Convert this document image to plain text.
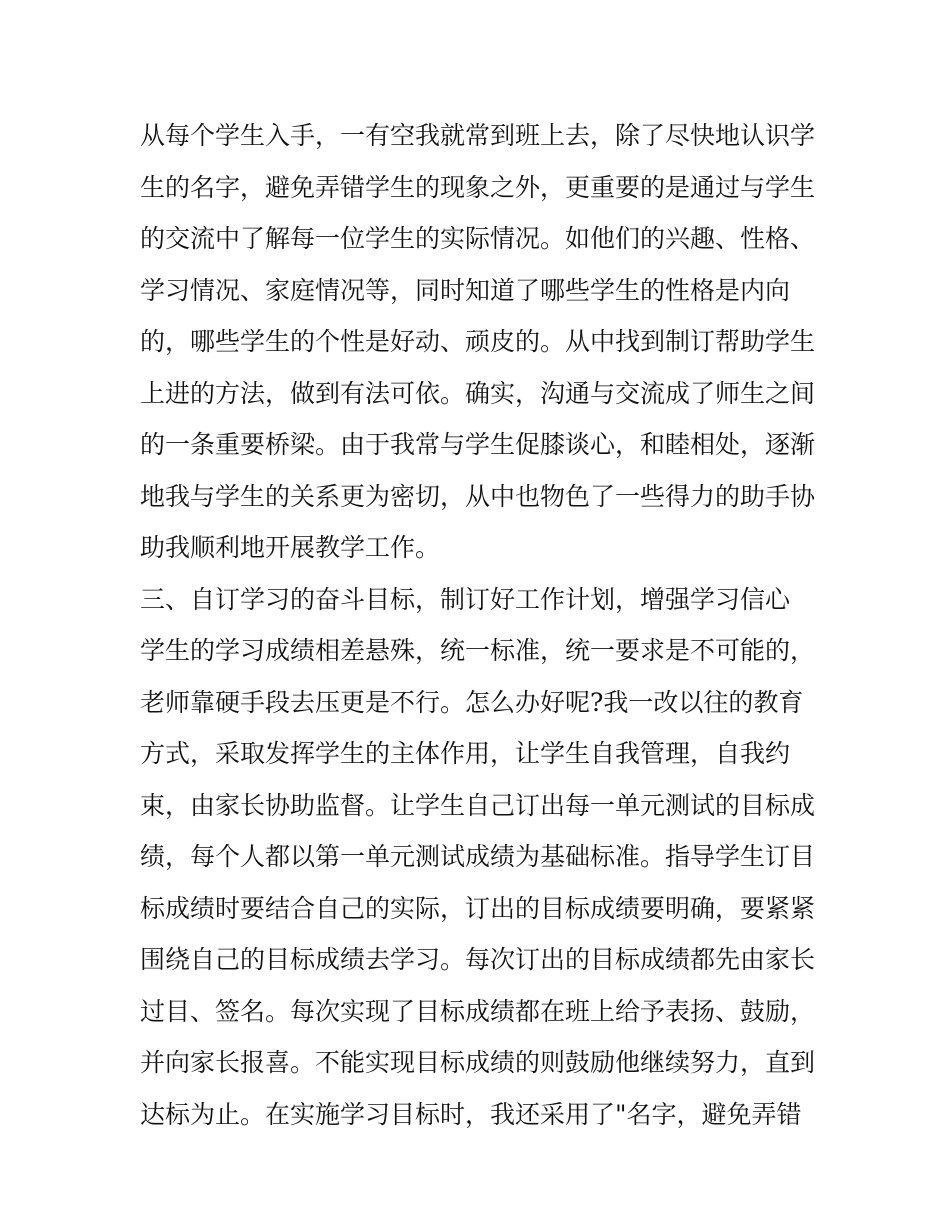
从每个学生入手，一有空我就常到班上去，除了尽快地认识学
生的名字，避免弄错学生的现象之外，更重要的是通过与学生
的交流中了解每一位学生的实际情况。如他们的兴趣、性格、
学习情况、家庭情况等，同时知道了哪些学生的性格是内向
的，哪些学生的个性是好动、顽皮的。从中找到制订帮助学生
上进的方法，做到有法可依。确实，沟通与交流成了师生之间
的一条重要桥梁。由于我常与学生促膝谈心，和睦相处，逐渐
地我与学生的关系更为密切，从中也物色了一些得力的助手协
助我顺利地开展教学工作。
三、自订学习的奋斗目标，制订好工作计划，增强学习信心
学生的学习成绩相差悬殊，统一标准，统一要求是不可能的，
老师靠硬手段去压更是不行。怎么办好呢?我一改以往的教育
方式，采取发挥学生的主体作用，让学生自我管理，自我约
束，由家长协助监督。让学生自己订出每一单元测试的目标成
绩，每个人都以第一单元测试成绩为基础标准。指导学生订目
标成绩时要结合自己的实际，订出的目标成绩要明确，要紧紧
围绕自己的目标成绩去学习。每次订出的目标成绩都先由家长
过目、签名。每次实现了目标成绩都在班上给予表扬、鼓励，
并向家长报喜。不能实现目标成绩的则鼓励他继续努力，直到
达标为止。在实施学习目标时，我还采用了"名字，避免弄错
